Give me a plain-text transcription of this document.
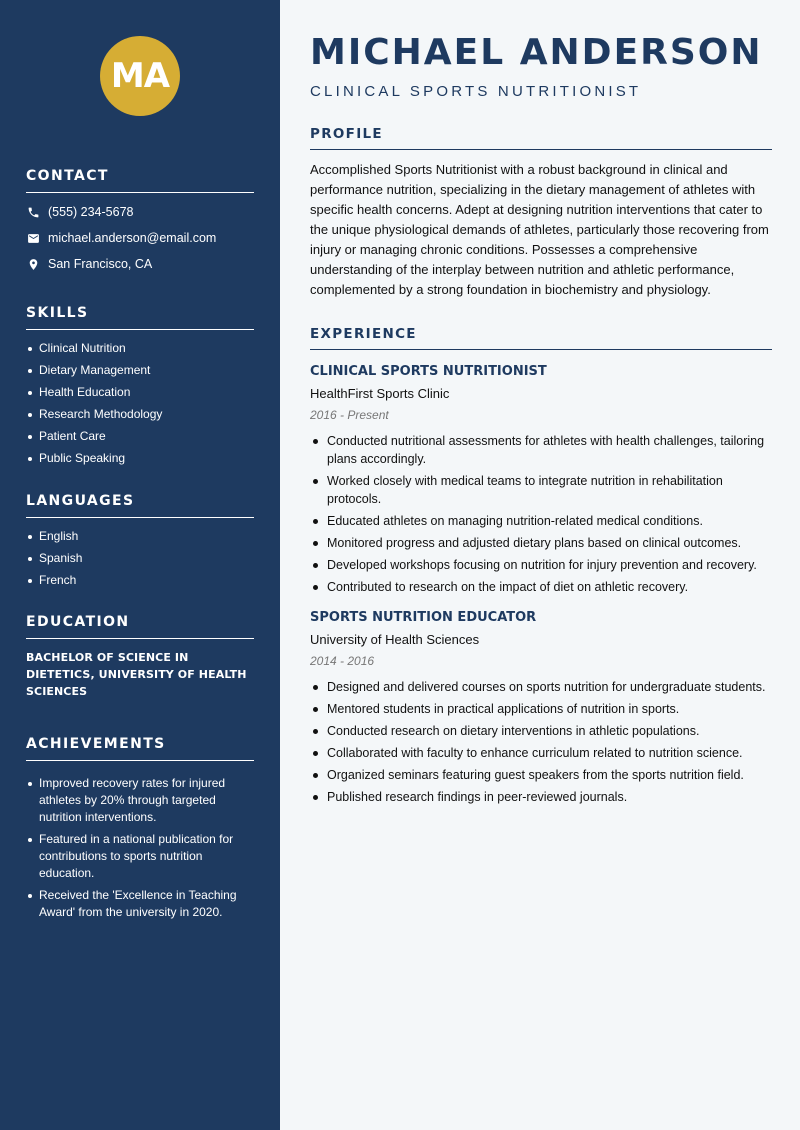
MA
CONTACT
(555) 234-5678
michael.anderson@email.com
San Francisco, CA
SKILLS
Clinical Nutrition
Dietary Management
Health Education
Research Methodology
Patient Care
Public Speaking
LANGUAGES
English
Spanish
French
EDUCATION
BACHELOR OF SCIENCE IN DIETETICS, UNIVERSITY OF HEALTH SCIENCES
ACHIEVEMENTS
Improved recovery rates for injured athletes by 20% through targeted nutrition interventions.
Featured in a national publication for contributions to sports nutrition education.
Received the 'Excellence in Teaching Award' from the university in 2020.
MICHAEL ANDERSON
CLINICAL SPORTS NUTRITIONIST
PROFILE

Accomplished Sports Nutritionist with a robust background in clinical and performance nutrition, specializing in the dietary management of athletes with specific health concerns. Adept at designing nutrition interventions that cater to the unique physiological demands of athletes, particularly those recovering from injury or managing chronic conditions. Possesses a comprehensive understanding of the interplay between nutrition and athletic performance, complemented by a strong foundation in biochemistry and physiology.

EXPERIENCE
CLINICAL SPORTS NUTRITIONIST
HealthFirst Sports Clinic
2016 - Present
Conducted nutritional assessments for athletes with health challenges, tailoring plans accordingly.
Worked closely with medical teams to integrate nutrition in rehabilitation protocols.
Educated athletes on managing nutrition-related medical conditions.
Monitored progress and adjusted dietary plans based on clinical outcomes.
Developed workshops focusing on nutrition for injury prevention and recovery.
Contributed to research on the impact of diet on athletic recovery.
SPORTS NUTRITION EDUCATOR
University of Health Sciences
2014 - 2016
Designed and delivered courses on sports nutrition for undergraduate students.
Mentored students in practical applications of nutrition in sports.
Conducted research on dietary interventions in athletic populations.
Collaborated with faculty to enhance curriculum related to nutrition science.
Organized seminars featuring guest speakers from the sports nutrition field.
Published research findings in peer-reviewed journals.
